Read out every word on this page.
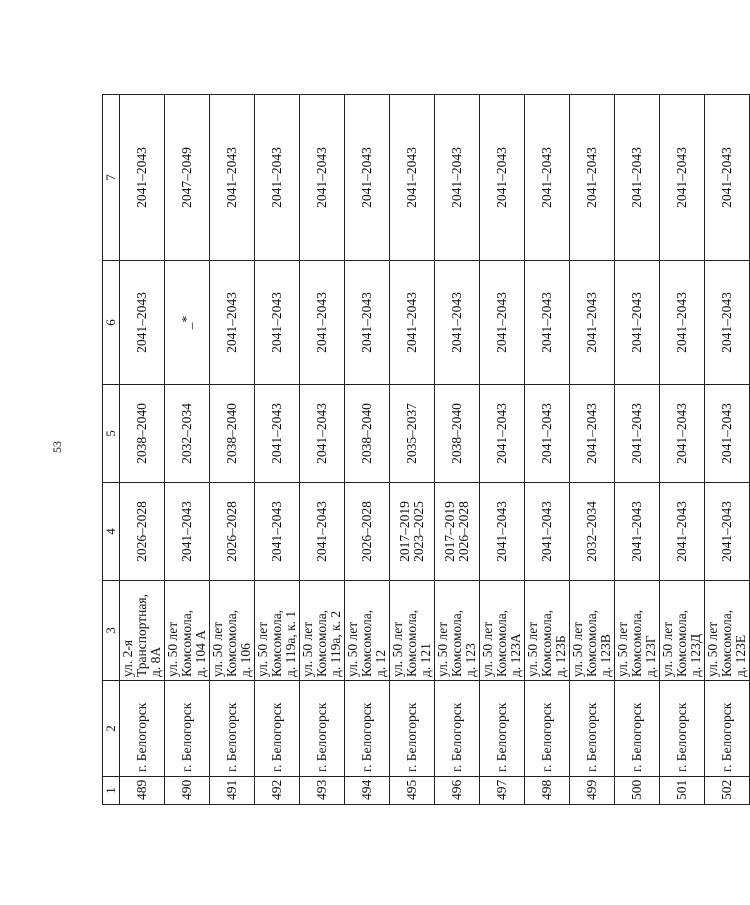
53
1	2	3	4	5	6	7
489	г. Белогорск	ул. 2-я Транспортная, д. 8А	2026–2028	2038–2040	2041–2043	2041–2043
490	г. Белогорск	ул. 50 лет Комсомола, д. 104 А	2041–2043	2032–2034	_*	2047–2049
491	г. Белогорск	ул. 50 лет Комсомола, д. 106	2026–2028	2038–2040	2041–2043	2041–2043
492	г. Белогорск	ул. 50 лет Комсомола, д. 119а, к. 1	2041–2043	2041–2043	2041–2043	2041–2043
493	г. Белогорск	ул. 50 лет Комсомола, д. 119а, к. 2	2041–2043	2041–2043	2041–2043	2041–2043
494	г. Белогорск	ул. 50 лет Комсомола, д. 12	2026–2028	2038–2040	2041–2043	2041–2043
495	г. Белогорск	ул. 50 лет Комсомола, д. 121	2017–2019 2023–2025	2035–2037	2041–2043	2041–2043
496	г. Белогорск	ул. 50 лет Комсомола, д. 123	2017–2019 2026–2028	2038–2040	2041–2043	2041–2043
497	г. Белогорск	ул. 50 лет Комсомола, д. 123А	2041–2043	2041–2043	2041–2043	2041–2043
498	г. Белогорск	ул. 50 лет Комсомола, д. 123Б	2041–2043	2041–2043	2041–2043	2041–2043
499	г. Белогорск	ул. 50 лет Комсомола, д. 123В	2032–2034	2041–2043	2041–2043	2041–2043
500	г. Белогорск	ул. 50 лет Комсомола, д. 123Г	2041–2043	2041–2043	2041–2043	2041–2043
501	г. Белогорск	ул. 50 лет Комсомола, д. 123Д	2041–2043	2041–2043	2041–2043	2041–2043
502	г. Белогорск	ул. 50 лет Комсомола, д. 123Е	2041–2043	2041–2043	2041–2043	2041–2043
